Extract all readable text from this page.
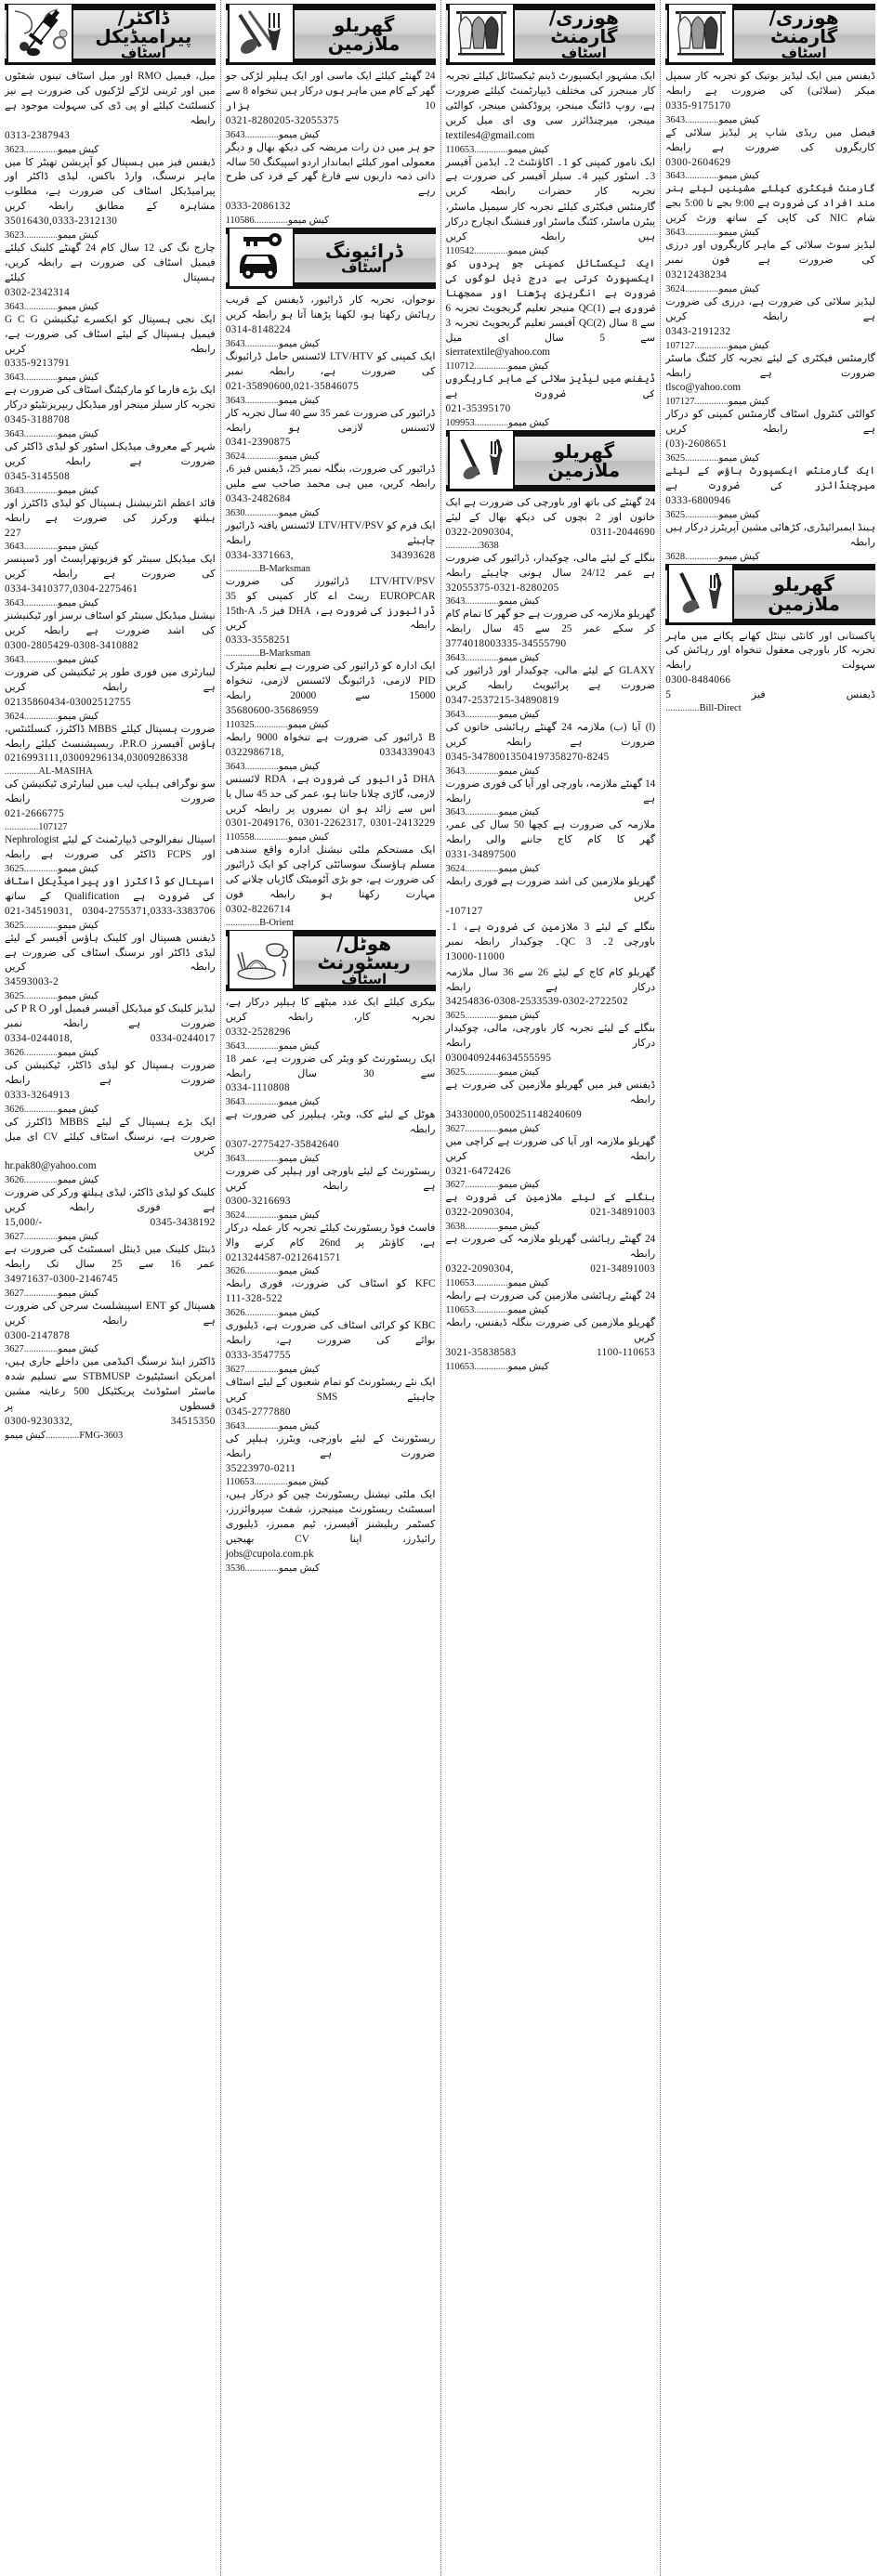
ھوزری/گارمنٹ
اسٹاف

ڈیفنس میں ایک لیڈیز بوتیک کو تجربہ کار سمپل میکر (سلائی) کی ضرورت ہے رابطہ

0335-9175170

کیش میمو..............3643

فیصل میں ریڈی شاپ پر لیڈیز سلائی کے کاریگروں کی ضرورت ہے رابطہ

0300-2604629

کیش میمو..............3643

گارمنٹ فیکٹری کیلئے مشینیں لیئے ہنر مند افراد کی ضرورت ہے 9:00 بجے تا 5:00 بجے شام NIC کی کاپی کے ساتھ وزٹ کریں

کیش میمو..............3643

لیڈیز سوٹ سلائی کے ماہر کاریگروں اور درزی کی ضرورت ہے فون نمبر

03212438234

کیش میمو..............3624

لیڈیز سلائی کی ضرورت ہے، درزی کی ضرورت ہے رابطہ کریں

0343-2191232

کیش میمو..............107127

گارمنٹس فیکٹری کے لیئے تجربہ کار کٹنگ ماسٹر ضرورت ہے رابطہ

tlsco@yahoo.com

کیش میمو..............107127

کوالٹی کنٹرول اسٹاف گارمنٹس کمپنی کو درکار ہے رابطہ کریں

(03)-2608651

کیش میمو..............3625

ایک گارمنٹس ایکسپورٹ ہاؤس کے لیئے میرچنڈائزر کی ضرورت ہے

0333-6800946

کیش میمو..............3625

ہینڈ ایمبرائیڈری، کڑھائی مشین آپریٹرز درکار ہیں رابطہ

کیش میمو..............3628
گھریلو ملازمین

پاکستانی اور کانٹی نینٹل کھانے پکانے میں ماہر تجربہ کار باورچی معقول تنخواہ اور رہائش کی سہولت رابطہ

0300-8484066

ڈیفنس فیز 5

..............Bill-Direct
ھوزری/گارمنٹ
اسٹاف

ایک مشہور ایکسپورٹ ڈینم ٹیکسٹائل کیلئے تجربہ کار مینجرز کی مختلف ڈیپارٹمنٹ کیلئے ضرورت ہے، روپ ڈائنگ مینجر، پروڈکشن مینجر، کوالٹی مینجر، میرچنڈائزر سی وی ای میل کریں

textiles4@gmail.com

کیش میمو..............110653

ایک نامور کمپنی کو 1۔ اکاؤنٹنٹ 2۔ ایڈمن آفیسر 3۔ اسٹور کیپر 4۔ سیلز آفیسر کی ضرورت ہے تجربہ کار حضرات رابطہ کریں

گارمنٹس فیکٹری کیلئے تجربہ کار سیمپل ماسٹر، پیٹرن ماسٹر، کٹنگ ماسٹر اور فنشنگ انچارج درکار ہیں رابطہ کریں

کیش میمو..............110542

ایک ٹیکسٹائل کمپنی جو پردوں کو ایکسپورٹ کرتی ہے درج ذیل لوگوں کی ضرورت ہے انگریزی پڑھنا اور سمجھنا ضروری ہے (1)QC منیجر تعلیم گریجویٹ تجربہ 6 سے 8 سال (2)QC آفیسر تعلیم گریجویٹ تجربہ 3 سے 5 سال ای میل

sierratextile@yahoo.com

کیش میمو..............110712

ڈیفنس میں لیڈیز سلائی کے ماہر کاریگروں کی ضرورت ہے

021-35395170

کیش میمو..............109953
گھریلو ملازمین

24 گھنٹے کی باتھ اور باورچی کی ضرورت ہے ایک خاتون اور 2 بچوں کی دیکھ بھال کے لیئے

0322-2090304, 0311-2044690

..............3638

بنگلے کے لیئے مالی، چوکیدار، ڈرائیور کی ضرورت ہے عمر 24/12 سال ہونی چاہیئے رابطہ

32055375-0321-8280205

کیش میمو..............3643

گھریلو ملازمہ کی ضرورت ہے جو گھر کا تمام کام کر سکے عمر 25 سے 45 سال رابطہ

3774018003335-34555790

کیش میمو..............3643

GLAXY کے لیئے مالی، چوکیدار اور ڈرائیور کی ضرورت ہے پرائیویٹ رابطہ کریں

0347-2537215-34890819

کیش میمو..............3643

(ا) آیا (ب) ملازمہ 24 گھنٹے رہائشی خاتون کی ضرورت ہے رابطہ کریں

0345-34780013504197358270-8245

کیش میمو..............3643

14 گھنٹے ملازمہ، باورچی اور آیا کی فوری ضرورت ہے رابطہ

کیش میمو..............3643

ملازمہ کی ضرورت ہے کچھا 50 سال کی عمر، گھر کا کام کاج جاننے والی رابطہ

0331-34897500

کیش میمو..............3624

گھریلو ملازمین کی اشد ضرورت ہے فوری رابطہ کریں

-107127

بنگلے کے لیئے 3 ملازمین کی ضرورت ہے، 1۔ باورچی 2۔ QC 3۔ چوکیدار رابطہ نمبر

13000-11000

گھریلو کام کاج کے لیئے 26 سے 36 سال ملازمہ درکار ہے رابطہ

34254836-0308-2533539-0302-2722502

کیش میمو..............3625

بنگلے کے لیئے تجربہ کار باورچی، مالی، چوکیدار درکار رابطہ

0300409244634555595

کیش میمو..............3625

ڈیفنس فیز میں گھریلو ملازمین کی ضرورت ہے رابطہ

34330000,0500251148240609

کیش میمو..............3627

گھریلو ملازمہ اور آیا کی ضرورت ہے کراچی میں رابطہ کریں

0321-6472426

کیش میمو..............3627

بنگلے کے لیئے ملازمین کی ضرورت ہے

0322-2090304, 021-34891003

کیش میمو..............3638

24 گھنٹے رہائشی گھریلو ملازمہ کی ضرورت ہے رابطہ

0322-2090304, 021-34891003

کیش میمو..............110653

24 گھنٹے رہائشی ملازمین کی ضرورت ہے رابطہ

کیش میمو..............110653

گھریلو ملازمین کی ضرورت بنگلہ ڈیفنس، رابطہ کریں

3021-35838583 1100-110653

کیش میمو..............110653
گھریلو ملازمین

24 گھنٹے کیلئے ایک ماسی اور ایک ہیلپر لڑکی جو گھر کے کام میں ماہر ہوں درکار ہیں تنخواہ 8 سے 10 ہزار

0321-8280205-32055375

کیش میمو..............3643

جو ہر میں دن رات مریضہ کی دیکھ بھال و دیگر معمولی امور کیلئے ایماندار اردو اسپیکنگ 50 سالہ ذاتی ذمہ داریوں سے فارغ گھر کے فرد کی طرح رہے

0333-2086132

کیش میمو..............110586
ڈرائیونگ
اسٹاف

نوجوان، تجربہ کار ڈرائیور، ڈیفنس کے قریب رہائش رکھتا ہو، لکھنا پڑھنا آتا ہو رابطہ کریں

0314-8148224

کیش میمو..............3643

ایک کمپنی کو LTV/HTV لائسنس حامل ڈرائیونگ کی ضرورت ہے، رابطہ نمبر

021-35890600,021-35846075

کیش میمو..............3643

ڈرائیور کی ضرورت عمر 35 سے 40 سال تجربہ کار لائسنس لازمی ہو رابطہ

0341-2390875

کیش میمو..............3624

ڈرائیور کی ضرورت، بنگلہ نمبر 25، ڈیفنس فیز 6، رابطہ کریں، میں ہی محمد صاحب سے ملیں

0343-2482684

کیش میمو..............3630

ایک فرم کو LTV/HTV/PSV لائسنس یافتہ ڈرائیور چاہیئے رابطہ

0334-3371663, 34393628

..............B-Marksman

LTV/HTV/PSV ڈرائیورز کی ضرورت EUROPCAR رینٹ اے کار کمپنی کو 35 ڈرائیورز کی ضرورت ہے، DHA فیز 5، 15th-A رابطہ کریں

0333-3558251

..............B-Marksman

ایک ادارہ کو ڈرائیور کی ضرورت ہے تعلیم میٹرک PID لازمی، ڈرائیونگ لائسنس لازمی، تنخواہ 15000 سے 20000 رابطہ

35680600-35686959

کیش میمو..............110325

B ڈرائیور کی ضرورت ہے تنخواہ 9000 رابطہ

0322986718, 0334339043

کیش میمو..............3643

DHA ڈرائیور کی ضرورت ہے، RDA لائسنس لازمی، گاڑی چلانا جانتا ہو، عمر کی حد 45 سال یا اس سے زائد ہو ان نمبروں پر رابطہ کریں

0301-2049176, 0301-2262317, 0301-2413229

کیش میمو..............110558

ایک مستحکم ملٹی نیشنل ادارہ واقع سندھی مسلم ہاؤسنگ سوسائٹی کراچی کو ایک ڈرائیور کی ضرورت ہے، جو بڑی آٹومیٹک گاڑیاں چلانے کی مہارت رکھتا ہو رابطہ فون

0302-8226714

..............B-Orient
ھوٹل/ریسٹورنٹ
اسٹاف

بیکری کیلئے ایک عدد میٹھے کا ہیلپر درکار ہے، تجربہ کار، رابطہ کریں

0332-2528296

کیش میمو..............3643

ایک ریسٹورنٹ کو ویٹر کی ضرورت ہے، عمر 18 سے 30 سال رابطہ

0334-1110808

کیش میمو..............3643

ھوٹل کے لیئے کک، ویٹر، ہیلپرز کی ضرورت ہے رابطہ

0307-2775427-35842640

کیش میمو..............3643

ریسٹورنٹ کے لیئے باورچی اور ہیلپر کی ضرورت ہے رابطہ کریں

0300-3216693

کیش میمو..............3624

فاسٹ فوڈ ریسٹورنٹ کیلئے تجربہ کار عملہ درکار ہے، کاؤنٹر پر 26nd کام کرنے والا

0213244587-0212641571

کیش میمو..............3626

KFC کو اسٹاف کی ضرورت، فوری رابطہ

111-328-522

کیش میمو..............3626

KBC کو کرائی اسٹاف کی ضرورت ہے، ڈیلیوری بوائے کی ضرورت ہے، رابطہ

0333-3547755

کیش میمو..............3627

ایک نئے ریسٹورنٹ کو تمام شعبوں کے لیئے اسٹاف چاہیئے SMS کریں

0345-2777880

کیش میمو..............3643

ریسٹورنٹ کے لیئے باورچی، ویٹرز، ہیلپر کی ضرورت ہے رابطہ

35223970-0211

کیش میمو..............110653

ایک ملٹی نیشنل ریسٹورنٹ چین کو درکار ہیں، اسسٹنٹ ریسٹورنٹ مینیجرز، شفٹ سپروائزرز، کسٹمر ریلیشنز آفیسرز، ٹیم ممبرز، ڈیلیوری رائیڈرز، اپنا CV بھیجیں

jobs@cupola.com.pk

کیش میمو..............3536
ڈاکٹر/پیرامیڈیکل
اسٹاف

میل، فیمیل RMO اور میل اسٹاف تینوں شفٹوں میں اور ٹرینی لڑکے لڑکیوں کی ضرورت ہے نیز کنسلٹنٹ کیلئے او پی ڈی کی سہولت موجود ہے رابطہ

0313-2387943

کیش میمو..............3623

ڈیفنس فیز میں ہسپتال کو آپریشن تھیٹر کا میں ماہر نرسنگ، وارڈ باکس، لیڈی ڈاکٹر اور پیرامیڈیکل اسٹاف کی ضرورت ہے، مطلوب مشاہرہ کے مطابق رابطہ کریں

35016430,0333-2312130

کیش میمو..............3623

چارج نگ کی 12 سال کام 24 گھنٹے کلینک کیلئے فیمیل اسٹاف کی ضرورت ہے رابطہ کریں، ہسپتال کیلئے

0302-2342314

کیش میمو..............3643

ایک نجی ہسپتال کو ایکسرے ٹیکنیشن G C G فیمیل ہسپتال کے لیئے اسٹاف کی ضرورت ہے، رابطہ کریں

0335-9213791

کیش میمو..............3643

ایک بڑے فارما کو مارکیٹنگ اسٹاف کی ضرورت ہے تجربہ کار سیلز مینجر اور میڈیکل ریپریزنٹیٹو درکار

0345-3188708

کیش میمو..............3643

شہر کے معروف میڈیکل اسٹور کو لیڈی ڈاکٹر کی ضرورت ہے رابطہ کریں

0345-3145508

کیش میمو..............3643

قائد اعظم انٹرنیشنل ہسپتال کو لیڈی ڈاکٹرز اور ہیلتھ ورکرز کی ضرورت ہے رابطہ

227

کیش میمو..............3643

ایک میڈیکل سینٹر کو فزیوتھراپسٹ اور ڈسپنسر کی ضرورت ہے رابطہ کریں

0334-3410377,0304-2275461

کیش میمو..............3643

نیشنل میڈیکل سینٹر کو اسٹاف نرسز اور ٹیکنیشنز کی اشد ضرورت ہے رابطہ کریں

0300-2805429-0308-3410882

کیش میمو..............3643

لیبارٹری میں فوری طور پر ٹیکنیشن کی ضرورت ہے رابطہ کریں

02135860434-03002512755

کیش میمو..............3624

ضرورت ہسپتال کیلئے MBBS ڈاکٹرز، کنسلٹنٹس، ہاؤس آفیسرز P.R.O، ریسپشنسٹ کیلئے رابطہ

0216993111,03009296134,03009286338

..............AL-MASIHA

سو نوگرافی ہیلپ لیب میں لیبارٹری ٹیکنیشن کی ضرورت رابطہ

021-2666775

..............107127

اسپتال نیفرالوجی ڈیپارٹمنٹ کے لیئے Nephrologist اور FCPS ڈاکٹر کی ضرورت ہے رابطہ

کیش میمو..............3625

اسپتال کو ڈاکٹرز اور پیرامیڈیکل اسٹاف کی ضرورت ہے Qualification کے ساتھ

021-34519031, 0304-2755371,0333-3383706

کیش میمو..............3625

ڈیفنس ھسپتال اور کلینک ہاؤس آفیسر کے لیئے لیڈی ڈاکٹر اور نرسنگ اسٹاف کی ضرورت ہے رابطہ کریں

34593003-2

کیش میمو..............3625

لیڈیز کلینک کو میڈیکل آفیسر فیمیل اور P R O کی ضرورت ہے رابطہ نمبر

0334-0244018, 0334-0244017

کیش میمو..............3626

ضرورت ہسپتال کو لیڈی ڈاکٹر، ٹیکنیشن کی ضرورت ہے رابطہ

0333-3264913

کیش میمو..............3626

ایک بڑے ہسپتال کے لیئے MBBS ڈاکٹرز کی ضرورت ہے، نرسنگ اسٹاف کیلئے CV ای میل کریں

hr.pak80@yahoo.com

کیش میمو..............3626

کلینک کو لیڈی ڈاکٹر، لیڈی ہیلتھ ورکر کی ضرورت ہے فوری رابطہ کریں

15,000/- 0345-3438192

کیش میمو..............3627

ڈینٹل کلینک میں ڈینٹل اسسٹنٹ کی ضرورت ہے عمر 16 سے 25 سال تک رابطہ

34971637-0300-2146745

کیش میمو..............3627

ھسپتال کو ENT اسپیشلسٹ سرجن کی ضرورت ہے رابطہ کریں

0300-2147878

کیش میمو..............3627

ڈاکٹرز اینڈ نرسنگ اکیڈمی میں داخلے جاری ہیں، امریکن انسٹیٹیوٹ STBMUSP سے تسلیم شدہ ماسٹر اسٹوڈنٹ پریکٹیکل 500 رعایتہ مشین قسطوں پر

0300-9230332, 34515350

کیش میمو..............FMG-3603
